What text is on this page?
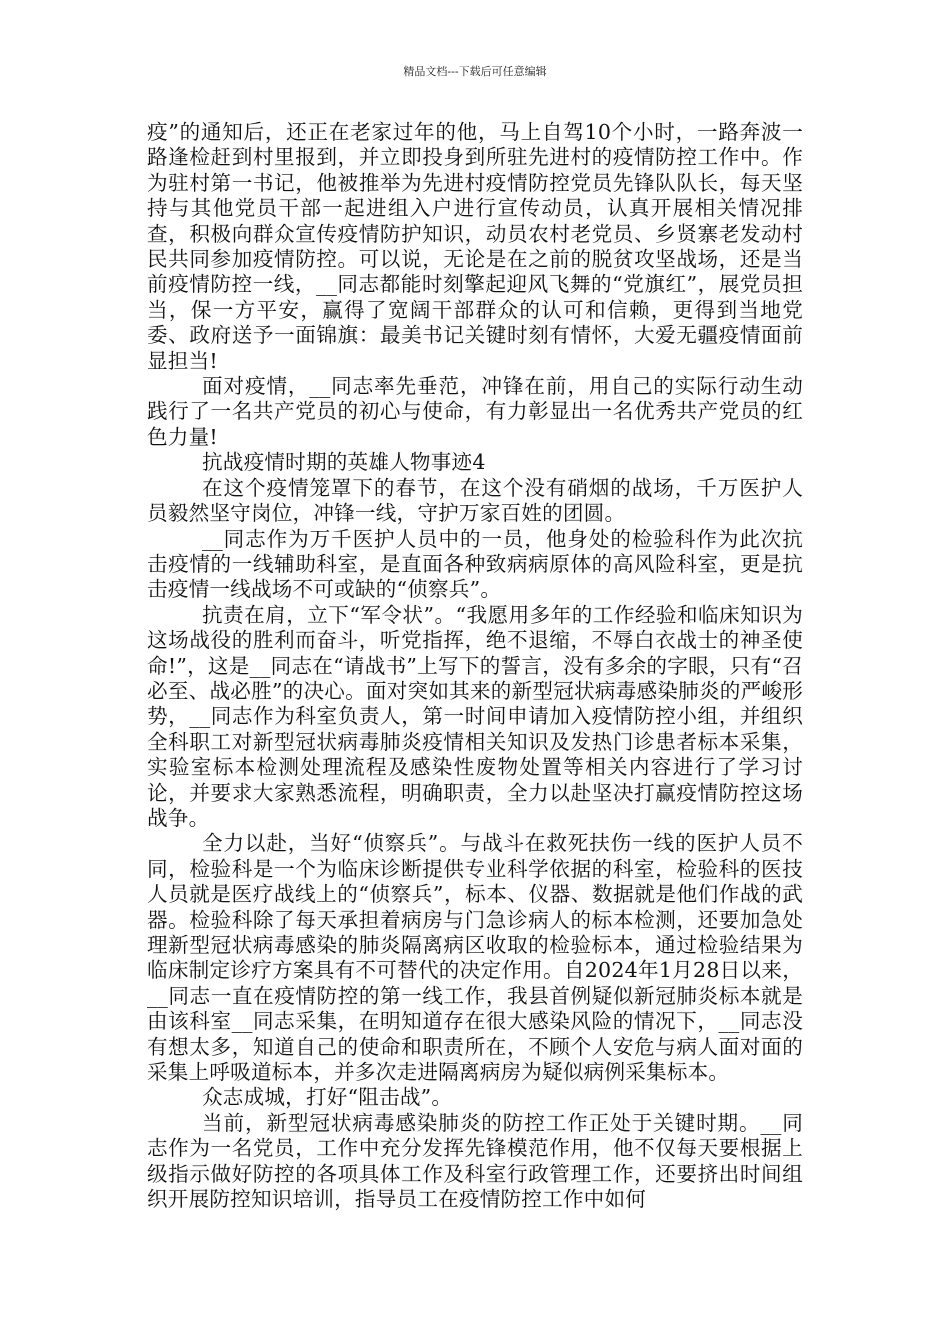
精品文档---下载后可任意编辑

疫”的通知后，还正在老家过年的他，马上自驾10个小时，一路奔波一路逢检赶到村里报到，并立即投身到所驻先进村的疫情防控工作中。作为驻村第一书记，他被推举为先进村疫情防控党员先锋队队长，每天坚持与其他党员干部一起进组入户进行宣传动员，认真开展相关情况排查，积极向群众宣传疫情防护知识，动员农村老党员、乡贤寨老发动村民共同参加疫情防控。可以说，无论是在之前的脱贫攻坚战场，还是当前疫情防控一线，__同志都能时刻擎起迎风飞舞的“党旗红”，展党员担当，保一方平安，赢得了宽阔干部群众的认可和信赖，更得到当地党委、政府送予一面锦旗：最美书记关键时刻有情怀，大爱无疆疫情面前显担当!

面对疫情，__同志率先垂范，冲锋在前，用自己的实际行动生动践行了一名共产党员的初心与使命，有力彰显出一名优秀共产党员的红色力量!

抗战疫情时期的英雄人物事迹4

在这个疫情笼罩下的春节，在这个没有硝烟的战场，千万医护人员毅然坚守岗位，冲锋一线，守护万家百姓的团圆。

__同志作为万千医护人员中的一员，他身处的检验科作为此次抗击疫情的一线辅助科室，是直面各种致病病原体的高风险科室，更是抗击疫情一线战场不可或缺的“侦察兵”。

抗责在肩，立下“军令状”。“我愿用多年的工作经验和临床知识为这场战役的胜利而奋斗，听党指挥，绝不退缩，不辱白衣战士的神圣使命!”，这是__同志在“请战书”上写下的誓言，没有多余的字眼，只有“召必至、战必胜”的决心。面对突如其来的新型冠状病毒感染肺炎的严峻形势，__同志作为科室负责人，第一时间申请加入疫情防控小组，并组织全科职工对新型冠状病毒肺炎疫情相关知识及发热门诊患者标本采集，实验室标本检测处理流程及感染性废物处置等相关内容进行了学习讨论，并要求大家熟悉流程，明确职责，全力以赴坚决打赢疫情防控这场战争。

全力以赴，当好“侦察兵”。与战斗在救死扶伤一线的医护人员不同，检验科是一个为临床诊断提供专业科学依据的科室，检验科的医技人员就是医疗战线上的“侦察兵”，标本、仪器、数据就是他们作战的武器。检验科除了每天承担着病房与门急诊病人的标本检测，还要加急处理新型冠状病毒感染的肺炎隔离病区收取的检验标本，通过检验结果为临床制定诊疗方案具有不可替代的决定作用。自2024年1月28日以来，__同志一直在疫情防控的第一线工作，我县首例疑似新冠肺炎标本就是由该科室__同志采集，在明知道存在很大感染风险的情况下，__同志没有想太多，知道自己的使命和职责所在，不顾个人安危与病人面对面的采集上呼吸道标本，并多次走进隔离病房为疑似病例采集标本。

众志成城，打好“阻击战”。

当前，新型冠状病毒感染肺炎的防控工作正处于关键时期。__同志作为一名党员，工作中充分发挥先锋模范作用，他不仅每天要根据上级指示做好防控的各项具体工作及科室行政管理工作，还要挤出时间组织开展防控知识培训，指导员工在疫情防控工作中如何
